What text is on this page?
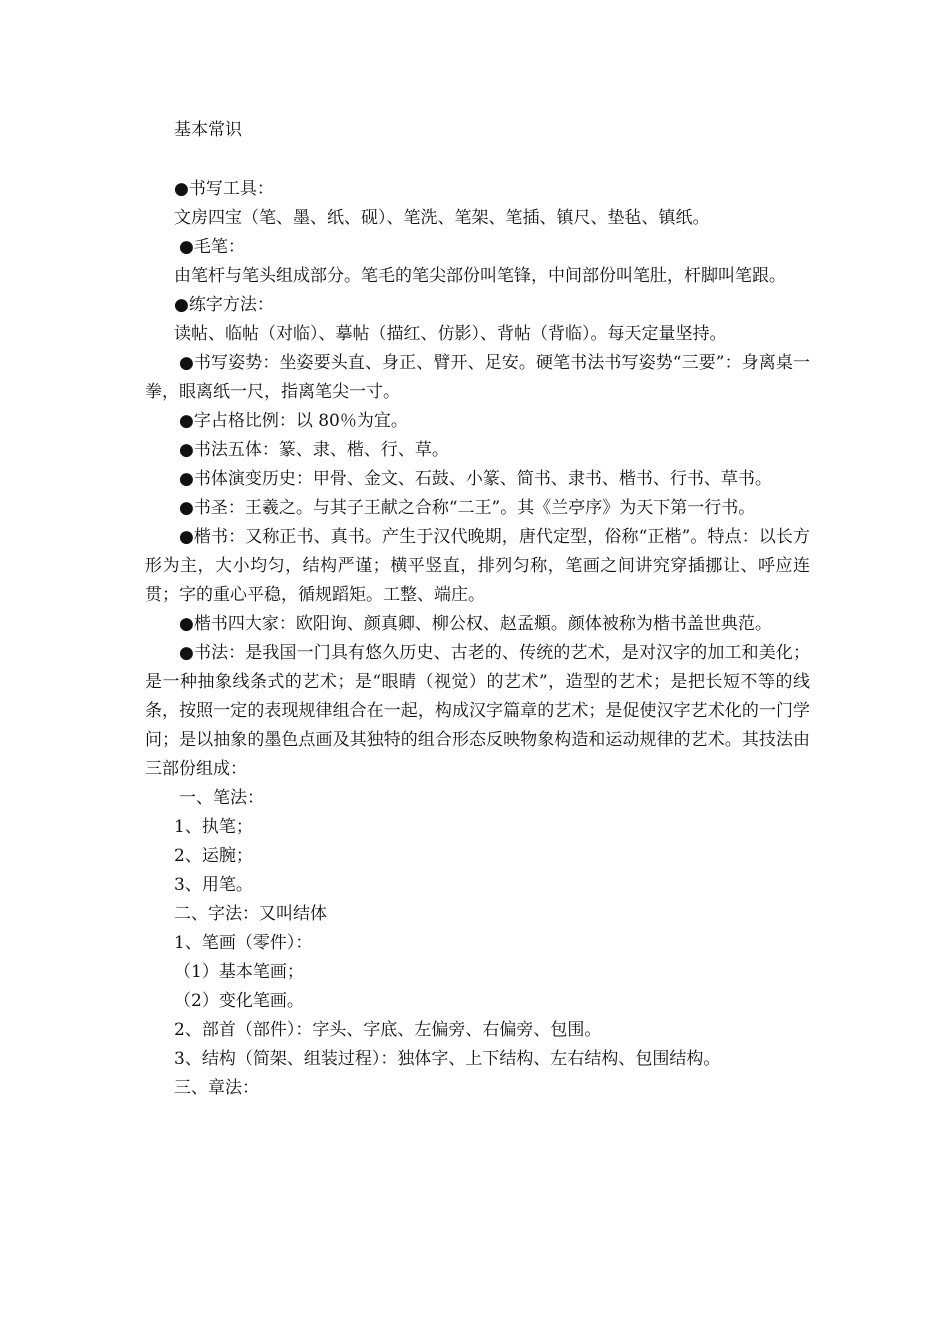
基本常识

●书写工具：

文房四宝（笔、墨、纸、砚）、笔洗、笔架、笔插、镇尺、垫毡、镇纸。

●毛笔：

由笔杆与笔头组成部分。笔毛的笔尖部份叫笔锋，中间部份叫笔肚，杆脚叫笔跟。

●练字方法：

读帖、临帖（对临）、摹帖（描红、仿影）、背帖（背临）。每天定量坚持。

●书写姿势：坐姿要头直、身正、臂开、足安。硬笔书法书写姿势“三要”：身离桌一拳，眼离纸一尺，指离笔尖一寸。

●字占格比例：以 80％为宜。

●书法五体：篆、隶、楷、行、草。

●书体演变历史：甲骨、金文、石鼓、小篆、简书、隶书、楷书、行书、草书。

●书圣：王羲之。与其子王献之合称“二王”。其《兰亭序》为天下第一行书。

●楷书：又称正书、真书。产生于汉代晚期，唐代定型，俗称“正楷”。特点：以长方形为主，大小均匀，结构严谨；横平竖直，排列匀称，笔画之间讲究穿插挪让、呼应连贯；字的重心平稳，循规蹈矩。工整、端庄。

●楷书四大家：欧阳询、颜真卿、柳公权、赵孟頫。颜体被称为楷书盖世典范。

●书法：是我国一门具有悠久历史、古老的、传统的艺术，是对汉字的加工和美化；是一种抽象线条式的艺术；是“眼睛（视觉）的艺术”，造型的艺术；是把长短不等的线条，按照一定的表现规律组合在一起，构成汉字篇章的艺术；是促使汉字艺术化的一门学问；是以抽象的墨色点画及其独特的组合形态反映物象构造和运动规律的艺术。其技法由三部份组成：

一、笔法：

1、执笔；

2、运腕；

3、用笔。

二、字法：又叫结体

1、笔画（零件）：

（1）基本笔画；

（2）变化笔画。

2、部首（部件）：字头、字底、左偏旁、右偏旁、包围。

3、结构（简架、组装过程）：独体字、上下结构、左右结构、包围结构。

三、章法：
